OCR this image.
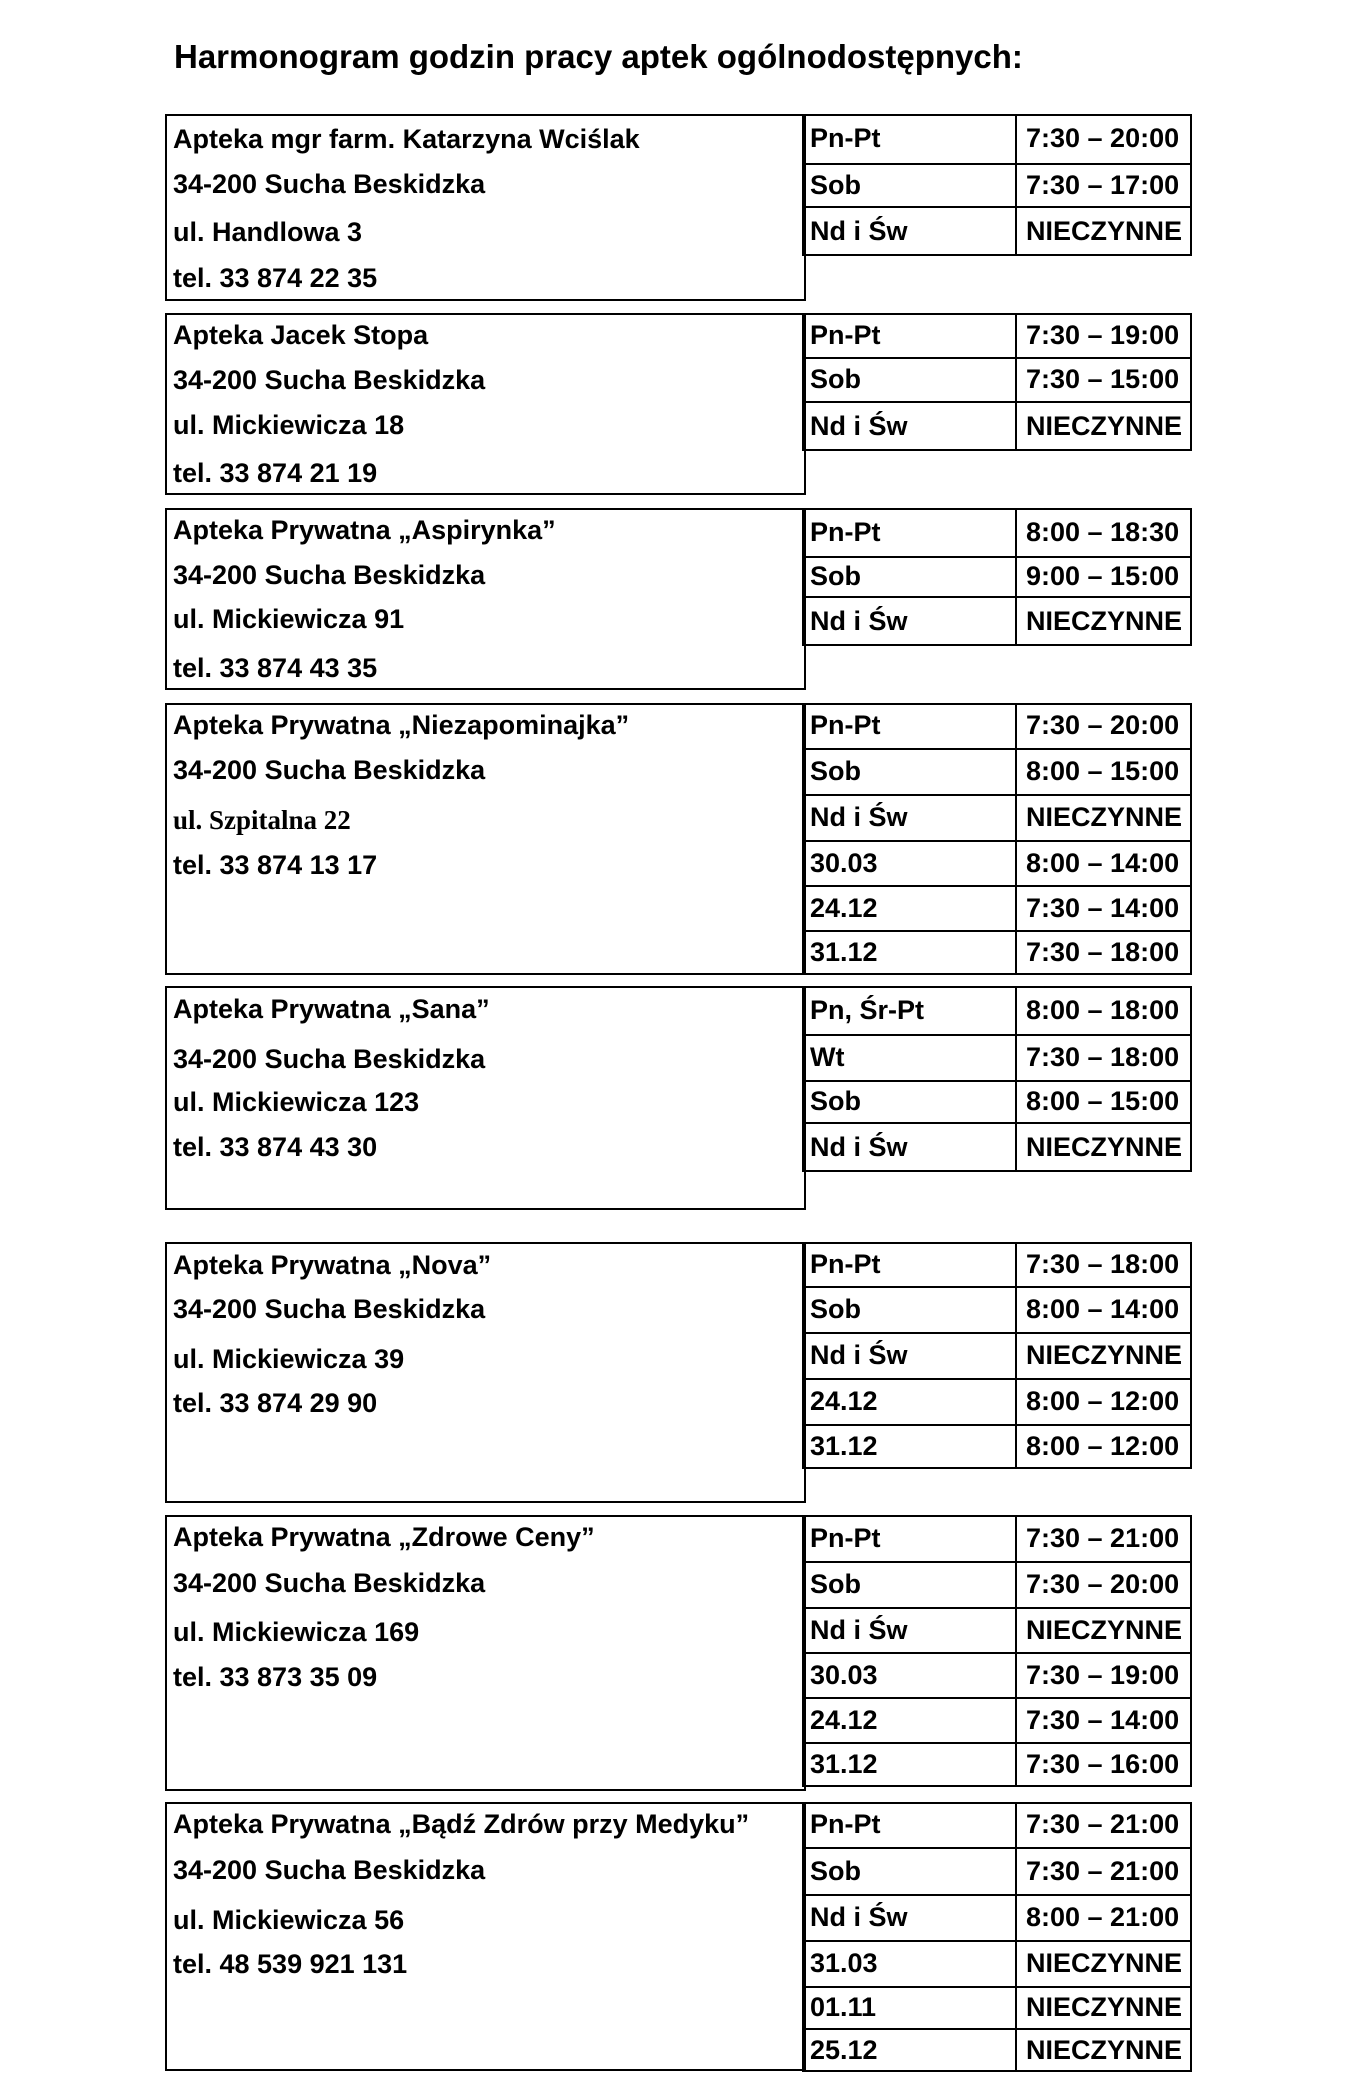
Harmonogram godzin pracy aptek ogólnodostępnych:
Apteka mgr farm. Katarzyna Wciślak
34-200 Sucha Beskidzka
ul. Handlowa 3
tel. 33 874 22 35
Pn-Pt	7:30 – 20:00
Sob	7:30 – 17:00
Nd i Św	NIECZYNNE
Apteka Jacek Stopa
34-200 Sucha Beskidzka
ul. Mickiewicza 18
tel. 33 874 21 19
Pn-Pt	7:30 – 19:00
Sob	7:30 – 15:00
Nd i Św	NIECZYNNE
Apteka Prywatna „Aspirynka”
34-200 Sucha Beskidzka
ul. Mickiewicza 91
tel. 33 874 43 35
Pn-Pt	8:00 – 18:30
Sob	9:00 – 15:00
Nd i Św	NIECZYNNE
Apteka Prywatna „Niezapominajka”
34-200 Sucha Beskidzka
ul. Szpitalna 22
tel. 33 874 13 17
Pn-Pt	7:30 – 20:00
Sob	8:00 – 15:00
Nd i Św	NIECZYNNE
30.03	8:00 – 14:00
24.12	7:30 – 14:00
31.12	7:30 – 18:00
Apteka Prywatna „Sana”
34-200 Sucha Beskidzka
ul. Mickiewicza 123
tel. 33 874 43 30
Pn, Śr-Pt	8:00 – 18:00
Wt	7:30 – 18:00
Sob	8:00 – 15:00
Nd i Św	NIECZYNNE
Apteka Prywatna „Nova”
34-200 Sucha Beskidzka
ul. Mickiewicza 39
tel. 33 874 29 90
Pn-Pt	7:30 – 18:00
Sob	8:00 – 14:00
Nd i Św	NIECZYNNE
24.12	8:00 – 12:00
31.12	8:00 – 12:00
Apteka Prywatna „Zdrowe Ceny”
34-200 Sucha Beskidzka
ul. Mickiewicza 169
tel. 33 873 35 09
Pn-Pt	7:30 – 21:00
Sob	7:30 – 20:00
Nd i Św	NIECZYNNE
30.03	7:30 – 19:00
24.12	7:30 – 14:00
31.12	7:30 – 16:00
Apteka Prywatna „Bądź Zdrów przy Medyku”
34-200 Sucha Beskidzka
ul. Mickiewicza 56
tel. 48 539 921 131
Pn-Pt	7:30 – 21:00
Sob	7:30 – 21:00
Nd i Św	8:00 – 21:00
31.03	NIECZYNNE
01.11	NIECZYNNE
25.12	NIECZYNNE
